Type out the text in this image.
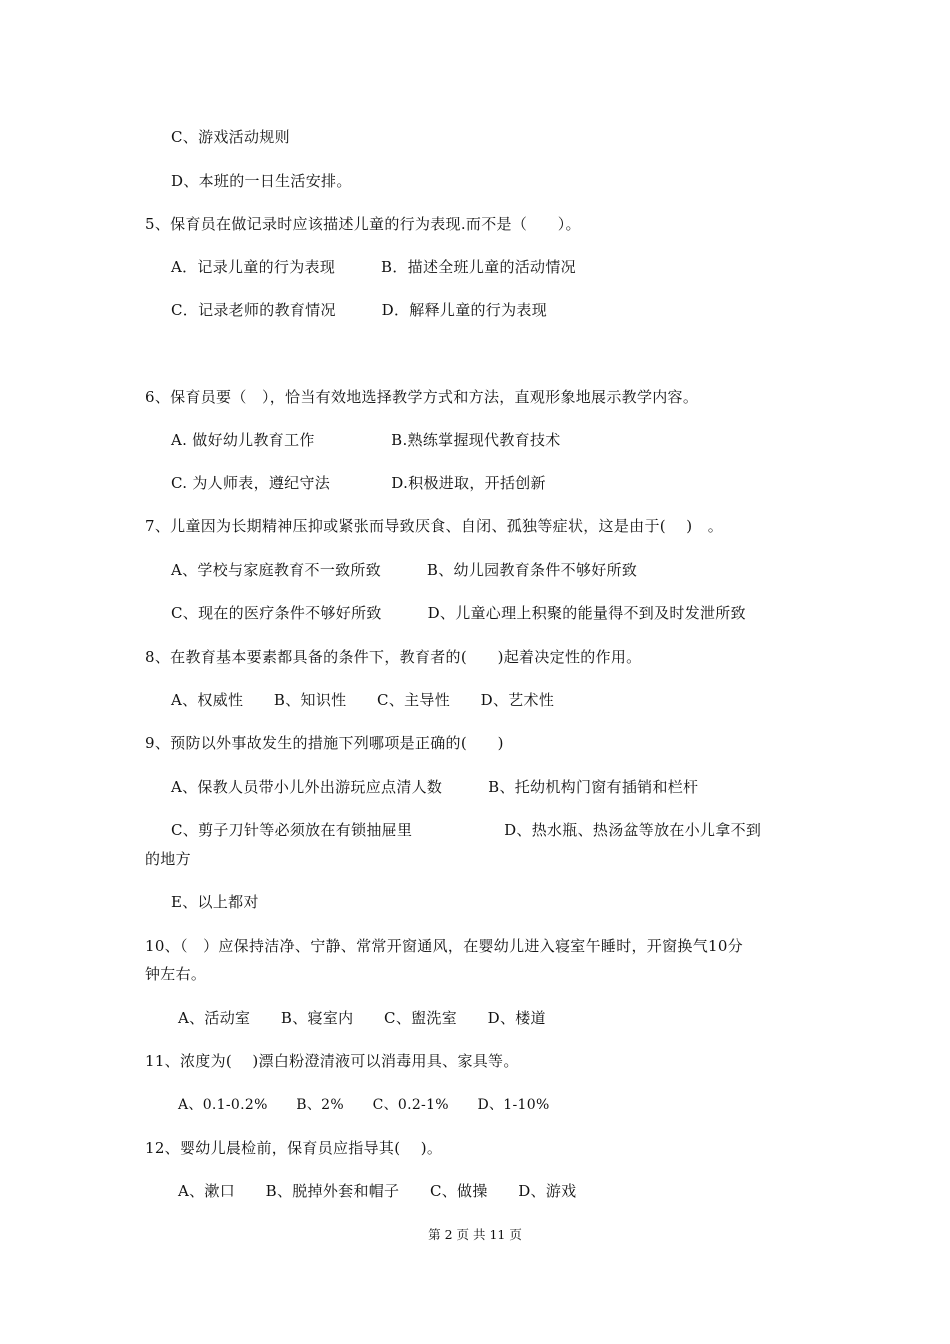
C、游戏活动规则

D、本班的一日生活安排。

5、保育员在做记录时应该描述儿童的行为表现.而不是（　　）。

A．记录儿童的行为表现　　　B．描述全班儿童的活动情况

C．记录老师的教育情况　　　D．解释儿童的行为表现

6、保育员要（　），恰当有效地选择教学方式和方法，直观形象地展示教学内容。

A. 做好幼儿教育工作　　　　　B.熟练掌握现代教育技术

C. 为人师表，遵纪守法　　　　D.积极进取，开括创新

7、儿童因为长期精神压抑或紧张而导致厌食、自闭、孤独等症状，这是由于(　 )　。

A、学校与家庭教育不一致所致　　　B、幼儿园教育条件不够好所致

C、现在的医疗条件不够好所致　　　D、儿童心理上积聚的能量得不到及时发泄所致

8、在教育基本要素都具备的条件下，教育者的(　　)起着决定性的作用。

A、权威性　　B、知识性　　C、主导性　　D、艺术性

9、预防以外事故发生的措施下列哪项是正确的(　　)

A、保教人员带小儿外出游玩应点清人数　　　B、托幼机构门窗有插销和栏杆

C、剪子刀针等必须放在有锁抽屉里　　　　　　D、热水瓶、热汤盆等放在小儿拿不到

的地方

E、以上都对

10、（　）应保持洁净、宁静、常常开窗通风，在婴幼儿进入寝室午睡时，开窗换气10分

钟左右。

A、活动室　　B、寝室内　　C、盥洗室　　D、楼道

11、浓度为(　 )漂白粉澄清液可以消毒用具、家具等。

A、0.1-0.2%　　B、2%　　C、0.2-1%　　D、1-10%

12、婴幼儿晨检前，保育员应指导其(　 )。

A、漱口　　B、脱掉外套和帽子　　C、做操　　D、游戏

第 2 页 共 11 页
